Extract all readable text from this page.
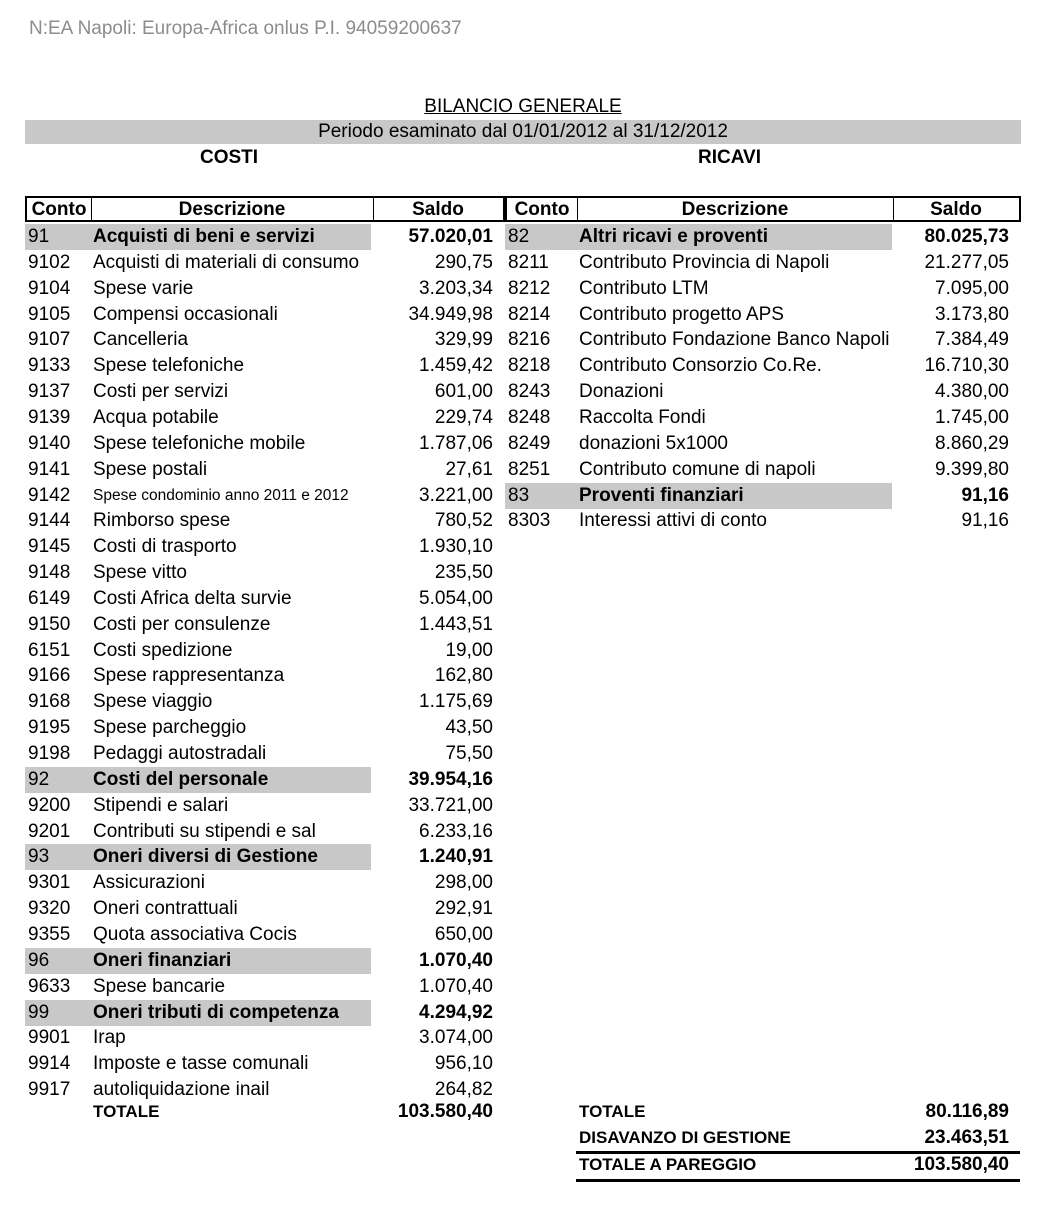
N:EA Napoli: Europa-Africa onlus P.I. 94059200637
BILANCIO GENERALE
Periodo esaminato dal 01/01/2012 al 31/12/2012
COSTI	RICAVI
Conto	Descrizione	Saldo	Conto	Descrizione	Saldo
91	Acquisti di beni e servizi	57.020,01
9102	Acquisti di materiali di consumo	290,75
9104	Spese varie	3.203,34
9105	Compensi occasionali	34.949,98
9107	Cancelleria	329,99
9133	Spese telefoniche	1.459,42
9137	Costi per servizi	601,00
9139	Acqua potabile	229,74
9140	Spese telefoniche mobile	1.787,06
9141	Spese postali	27,61
9142	Spese condominio anno 2011 e 2012	3.221,00
9144	Rimborso spese	780,52
9145	Costi di trasporto	1.930,10
9148	Spese vitto	235,50
6149	Costi Africa delta survie	5.054,00
9150	Costi per consulenze	1.443,51
6151	Costi spedizione	19,00
9166	Spese rappresentanza	162,80
9168	Spese viaggio	1.175,69
9195	Spese parcheggio	43,50
9198	Pedaggi autostradali	75,50
92	Costi del personale	39.954,16
9200	Stipendi e salari	33.721,00
9201	Contributi su stipendi e sal	6.233,16
93	Oneri diversi di Gestione	1.240,91
9301	Assicurazioni	298,00
9320	Oneri contrattuali	292,91
9355	Quota associativa Cocis	650,00
96	Oneri finanziari	1.070,40
9633	Spese bancarie	1.070,40
99	Oneri tributi di competenza	4.294,92
9901	Irap	3.074,00
9914	Imposte e tasse comunali	956,10
9917	autoliquidazione inail	264,82
82	Altri ricavi e proventi	80.025,73
8211	Contributo Provincia di Napoli	21.277,05
8212	Contributo LTM	7.095,00
8214	Contributo progetto APS	3.173,80
8216	Contributo Fondazione Banco Napoli	7.384,49
8218	Contributo Consorzio Co.Re.	16.710,30
8243	Donazioni	4.380,00
8248	Raccolta Fondi	1.745,00
8249	donazioni 5x1000	8.860,29
8251	Contributo comune di napoli	9.399,80
83	Proventi finanziari	91,16
8303	Interessi attivi di conto	91,16
TOTALE	103.580,40	TOTALE	80.116,89
DISAVANZO DI GESTIONE	23.463,51
TOTALE A PAREGGIO	103.580,40
